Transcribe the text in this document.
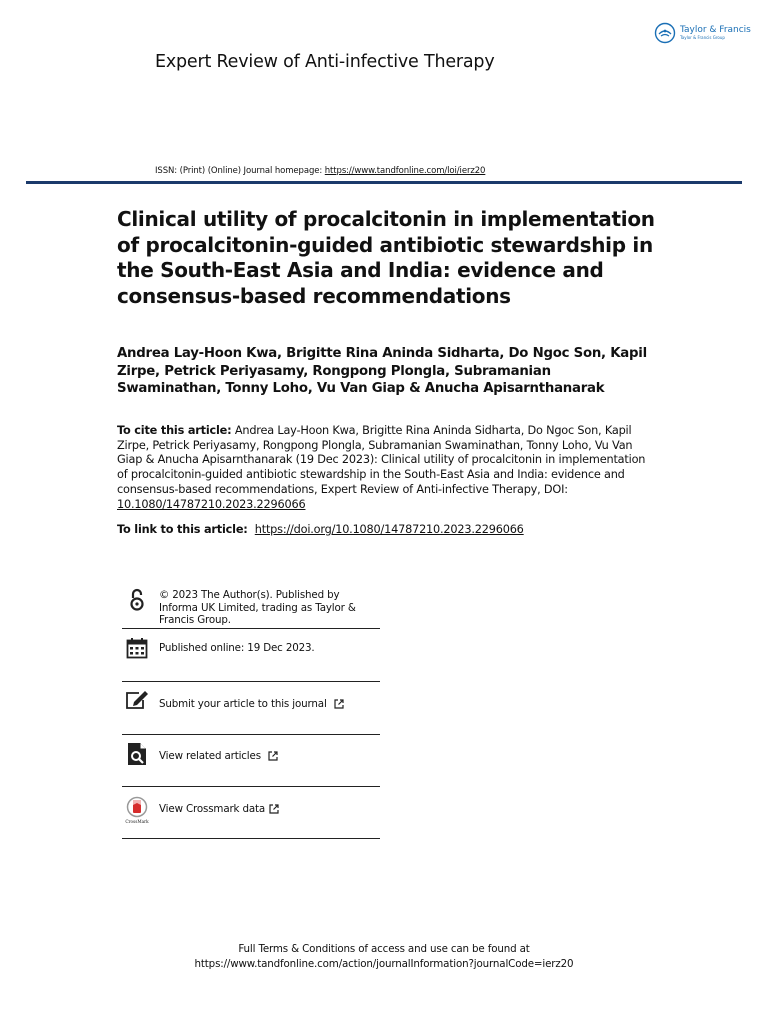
Taylor & Francis
Taylor & Francis Group
Expert Review of Anti-infective Therapy
ISSN: (Print) (Online) Journal homepage: https://www.tandfonline.com/loi/ierz20
Clinical utility of procalcitonin in implementation of procalcitonin-guided antibiotic stewardship in the South-East Asia and India: evidence and consensus-based recommendations

Andrea Lay-Hoon Kwa, Brigitte Rina Aninda Sidharta, Do Ngoc Son, Kapil Zirpe, Petrick Periyasamy, Rongpong Plongla, Subramanian Swaminathan, Tonny Loho, Vu Van Giap & Anucha Apisarnthanarak

To cite this article: Andrea Lay-Hoon Kwa, Brigitte Rina Aninda Sidharta, Do Ngoc Son, Kapil Zirpe, Petrick Periyasamy, Rongpong Plongla, Subramanian Swaminathan, Tonny Loho, Vu Van Giap & Anucha Apisarnthanarak (19 Dec 2023): Clinical utility of procalcitonin in implementation of procalcitonin-guided antibiotic stewardship in the South-East Asia and India: evidence and consensus-based recommendations, Expert Review of Anti-infective Therapy, DOI: 10.1080/14787210.2023.2296066

To link to this article:  https://doi.org/10.1080/14787210.2023.2296066
© 2023 The Author(s). Published by Informa UK Limited, trading as Taylor & Francis Group.
Published online: 19 Dec 2023.
Submit your article to this journal
View related articles
CrossMark
View Crossmark data
Full Terms & Conditions of access and use can be found at
https://www.tandfonline.com/action/journalInformation?journalCode=ierz20
